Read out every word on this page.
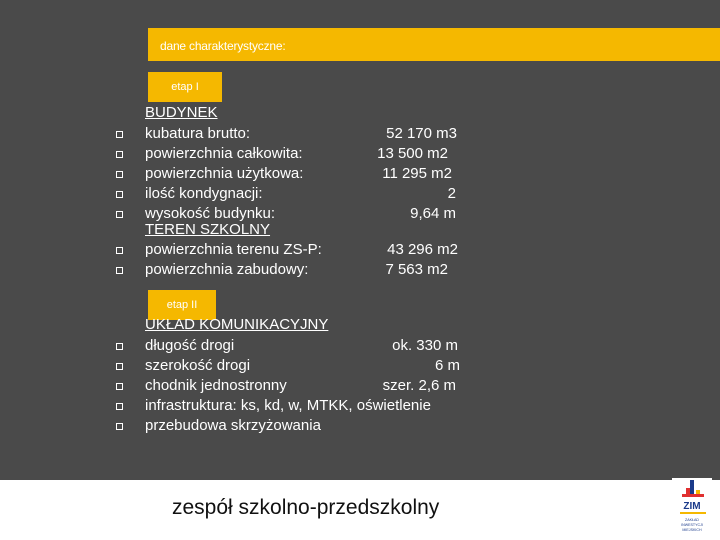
dane charakterystyczne:
etap I
BUDYNEK
kubatura brutto:	52 170 m3
powierzchnia całkowita:	13 500 m2
powierzchnia użytkowa:	11 295 m2
ilość kondygnacji:	2
wysokość budynku:	9,64 m
TEREN SZKOLNY
powierzchnia terenu ZS-P:	43 296 m2
powierzchnia zabudowy:	7 563 m2
etap II
UKŁAD KOMUNIKACYJNY
długość drogi	ok. 330 m
szerokość drogi	6 m
chodnik jednostronny	szer. 2,6 m
infrastruktura: ks, kd, w, MTKK, oświetlenie
przebudowa skrzyżowania
zespół szkolno-przedszkolny	ZIM
ZAKŁAD
INWESTYCJI
MIEJSKICH
